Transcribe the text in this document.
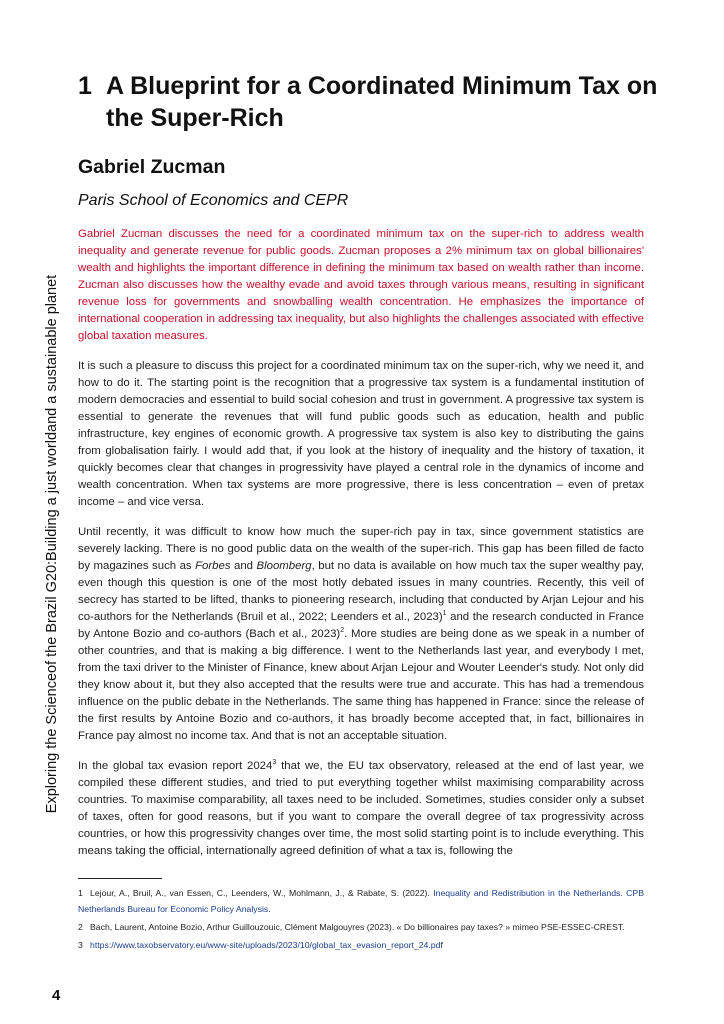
Exploring the Scienceof the Brazil G20:Building a just worldand a sustainable planet
1 A Blueprint for a Coordinated Minimum Tax on the Super-Rich
Gabriel Zucman
Paris School of Economics and CEPR

Gabriel Zucman discusses the need for a coordinated minimum tax on the super-rich to address wealth inequality and generate revenue for public goods. Zucman proposes a 2% minimum tax on global billionaires' wealth and highlights the important difference in defining the minimum tax based on wealth rather than income. Zucman also discusses how the wealthy evade and avoid taxes through various means, resulting in significant revenue loss for governments and snowballing wealth concentration. He emphasizes the importance of international cooperation in addressing tax inequality, but also highlights the challenges associated with effective global taxation measures.

It is such a pleasure to discuss this project for a coordinated minimum tax on the super-rich, why we need it, and how to do it. The starting point is the recognition that a progressive tax system is a fundamental institution of modern democracies and essential to build social cohesion and trust in government. A progressive tax system is essential to generate the revenues that will fund public goods such as education, health and public infrastructure, key engines of economic growth. A progressive tax system is also key to distributing the gains from globalisation fairly. I would add that, if you look at the history of inequality and the history of taxation, it quickly becomes clear that changes in progressivity have played a central role in the dynamics of income and wealth concentration. When tax systems are more progressive, there is less concentration – even of pretax income – and vice versa.

Until recently, it was difficult to know how much the super-rich pay in tax, since government statistics are severely lacking. There is no good public data on the wealth of the super-rich. This gap has been filled de facto by magazines such as Forbes and Bloomberg, but no data is available on how much tax the super wealthy pay, even though this question is one of the most hotly debated issues in many countries. Recently, this veil of secrecy has started to be lifted, thanks to pioneering research, including that conducted by Arjan Lejour and his co-authors for the Netherlands (Bruil et al., 2022; Leenders et al., 2023)$^1$ and the research conducted in France by Antone Bozio and co-authors (Bach et al., 2023)$^2$. More studies are being done as we speak in a number of other countries, and that is making a big difference. I went to the Netherlands last year, and everybody I met, from the taxi driver to the Minister of Finance, knew about Arjan Lejour and Wouter Leender's study. Not only did they know about it, but they also accepted that the results were true and accurate. This has had a tremendous influence on the public debate in the Netherlands. The same thing has happened in France: since the release of the first results by Antoine Bozio and co-authors, it has broadly become accepted that, in fact, billionaires in France pay almost no income tax. And that is not an acceptable situation.

In the global tax evasion report 2024$^3$ that we, the EU tax observatory, released at the end of last year, we compiled these different studies, and tried to put everything together whilst maximising comparability across countries. To maximise comparability, all taxes need to be included. Sometimes, studies consider only a subset of taxes, often for good reasons, but if you want to compare the overall degree of tax progressivity across countries, or how this progressivity changes over time, the most solid starting point is to include everything. This means taking the official, internationally agreed definition of what a tax is, following the

1 Lejour, A., Bruil, A., van Essen, C., Leenders, W., Mohlmann, J., & Rabate, S. (2022). Inequality and Redistribution in the Netherlands. CPB Netherlands Bureau for Economic Policy Analysis.
2 Bach, Laurent, Antoine Bozio, Arthur Guillouzouic, Clément Malgouyres (2023). « Do billionaires pay taxes? » mimeo PSE-ESSEC-CREST.
3 https://www.taxobservatory.eu/www-site/uploads/2023/10/global_tax_evasion_report_24.pdf
4
